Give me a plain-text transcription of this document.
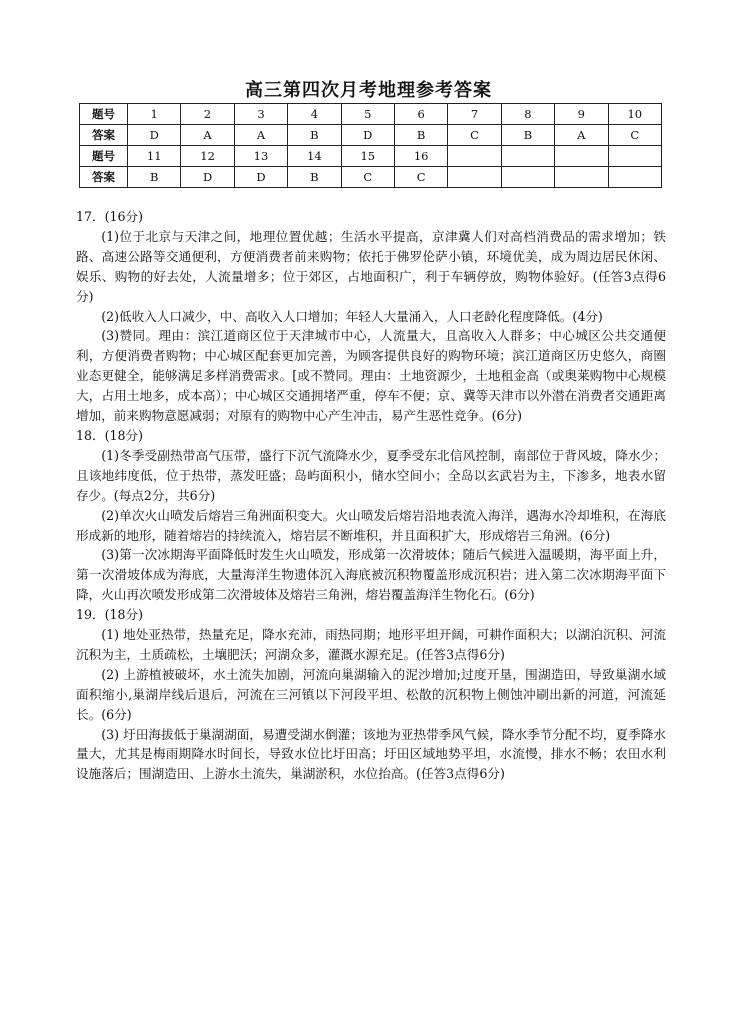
高三第四次月考地理参考答案
题号	1	2	3	4	5	6	7	8	9	10
答案	D	A	A	B	D	B	C	B	A	C
题号	11	12	13	14	15	16				
答案	B	D	D	B	C	C				

17．(16分)

(1)位于北京与天津之间，地理位置优越；生活水平提高，京津冀人们对高档消费品的需求增加；铁路、高速公路等交通便利，方便消费者前来购物；依托于佛罗伦萨小镇，环境优美，成为周边居民休闲、娱乐、购物的好去处，人流量增多；位于郊区，占地面积广，利于车辆停放，购物体验好。(任答3点得6分)

(2)低收入人口减少，中、高收入人口增加；年轻人大量涌入，人口老龄化程度降低。(4分)

(3)赞同。理由：滨江道商区位于天津城市中心，人流量大，且高收入人群多；中心城区公共交通便利，方便消费者购物；中心城区配套更加完善，为顾客提供良好的购物环境；滨江道商区历史悠久，商圈业态更健全，能够满足多样消费需求。[或不赞同。理由：土地资源少，土地租金高（或奥莱购物中心规模大，占用土地多，成本高）；中心城区交通拥堵严重，停车不便；京、冀等天津市以外潜在消费者交通距离增加，前来购物意愿减弱；对原有的购物中心产生冲击，易产生恶性竞争。(6分)

18．(18分)

(1)冬季受副热带高气压带，盛行下沉气流降水少，夏季受东北信风控制，南部位于背风坡，降水少；且该地纬度低，位于热带，蒸发旺盛；岛屿面积小，储水空间小；全岛以玄武岩为主，下渗多，地表水留存少。(每点2分，共6分)

(2)单次火山喷发后熔岩三角洲面积变大。火山喷发后熔岩沿地表流入海洋，遇海水冷却堆积，在海底形成新的地形，随着熔岩的持续流入，熔岩层不断堆积，并且面积扩大，形成熔岩三角洲。(6分)

(3)第一次冰期海平面降低时发生火山喷发，形成第一次滑坡体；随后气候进入温暖期，海平面上升，第一次滑坡体成为海底，大量海洋生物遗体沉入海底被沉积物覆盖形成沉积岩；进入第二次冰期海平面下降，火山再次喷发形成第二次滑坡体及熔岩三角洲，熔岩覆盖海洋生物化石。(6分)

19．(18分)

(1) 地处亚热带，热量充足，降水充沛，雨热同期；地形平坦开阔，可耕作面积大；以湖泊沉积、河流沉积为主，土质疏松，土壤肥沃；河湖众多，灌溉水源充足。(任答3点得6分)

(2) 上游植被破坏，水土流失加剧，河流向巢湖输入的泥沙增加;过度开垦，围湖造田，导致巢湖水域面积缩小,巢湖岸线后退后，河流在三河镇以下河段平坦、松散的沉积物上侧蚀冲刷出新的河道，河流延长。(6分)

(3) 圩田海拔低于巢湖湖面，易遭受湖水倒灌；该地为亚热带季风气候，降水季节分配不均，夏季降水量大，尤其是梅雨期降水时间长，导致水位比圩田高；圩田区域地势平坦，水流慢，排水不畅；农田水利设施落后；围湖造田、上游水土流失，巢湖淤积，水位抬高。(任答3点得6分)
